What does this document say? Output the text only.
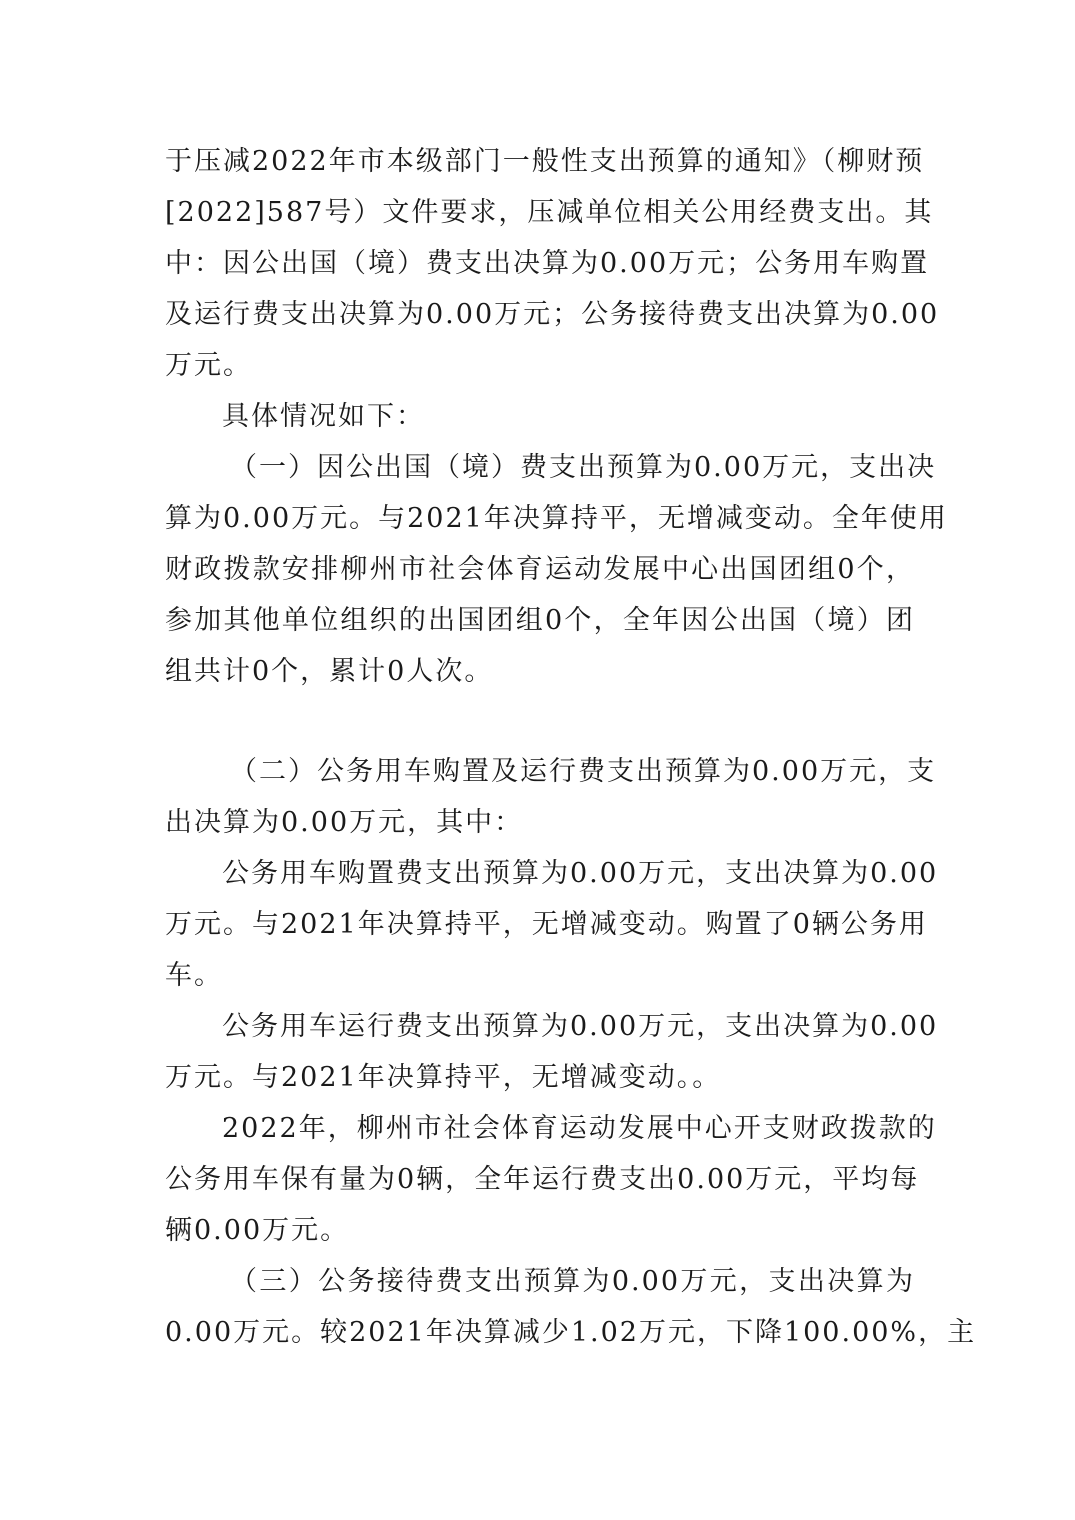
于压减2022年市本级部门一般性支出预算的通知》（柳财预
[2022]587号）文件要求，压减单位相关公用经费支出。其
中：因公出国（境）费支出决算为0.00万元；公务用车购置
及运行费支出决算为0.00万元；公务接待费支出决算为0.00
万元。
具体情况如下：
（一）因公出国（境）费支出预算为0.00万元，支出决
算为0.00万元。与2021年决算持平，无增减变动。全年使用
财政拨款安排柳州市社会体育运动发展中心出国团组0个，
参加其他单位组织的出国团组0个，全年因公出国（境）团
组共计0个，累计0人次。
（二）公务用车购置及运行费支出预算为0.00万元，支
出决算为0.00万元，其中：
公务用车购置费支出预算为0.00万元，支出决算为0.00
万元。与2021年决算持平，无增减变动。购置了0辆公务用
车。
公务用车运行费支出预算为0.00万元，支出决算为0.00
万元。与2021年决算持平，无增减变动。。
2022年，柳州市社会体育运动发展中心开支财政拨款的
公务用车保有量为0辆，全年运行费支出0.00万元，平均每
辆0.00万元。
（三）公务接待费支出预算为0.00万元，支出决算为
0.00万元。较2021年决算减少1.02万元，下降100.00%，主
